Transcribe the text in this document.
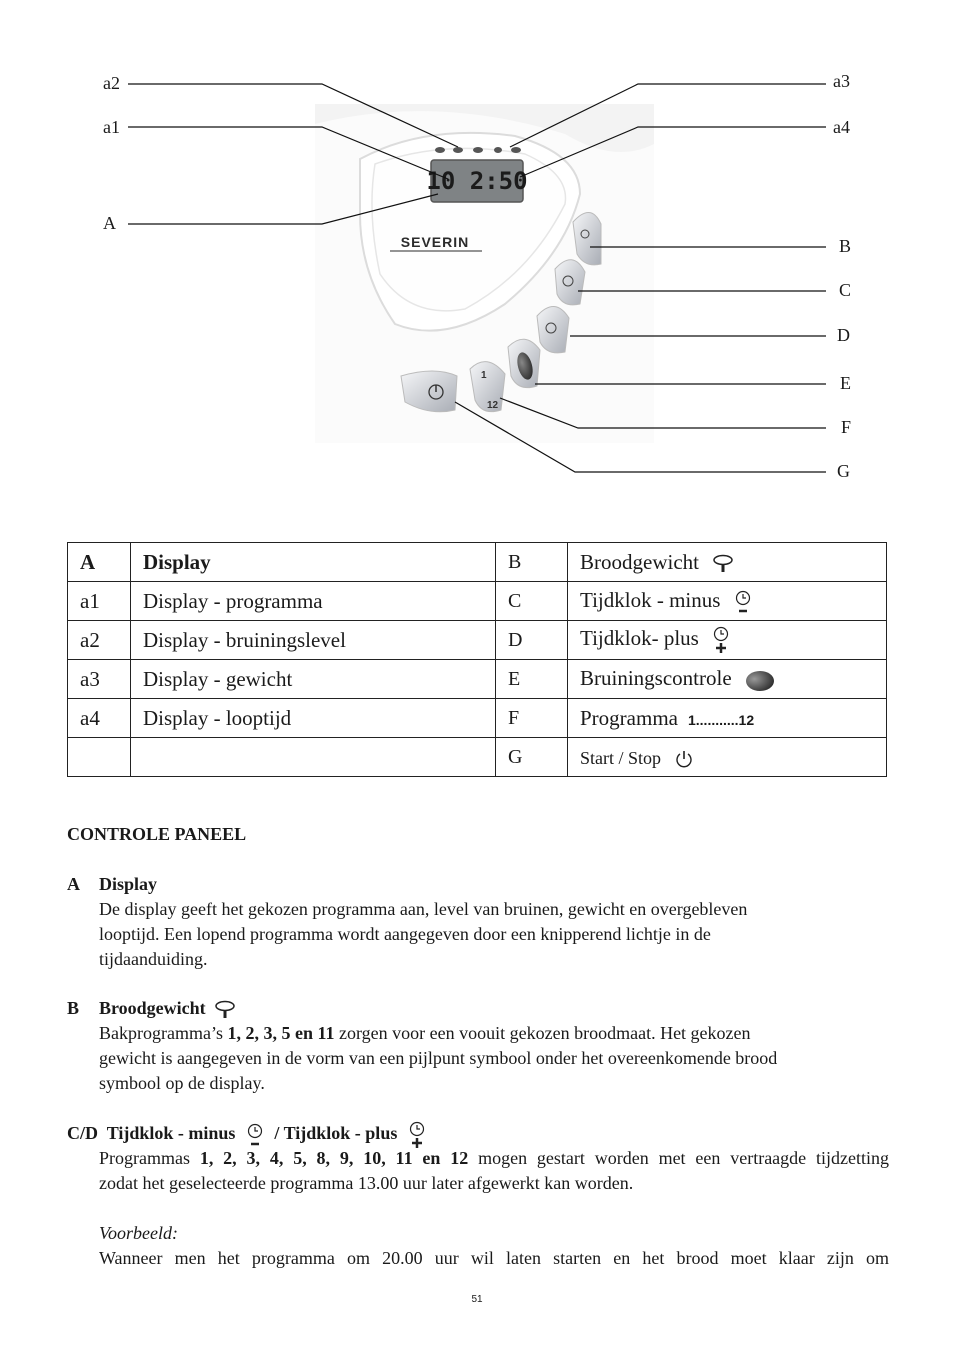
10 2:50
SEVERIN
1
12
a2
a1
A
a3
a4
B
C
D
E
F
G
A	Display	B	Broodgewicht
a1	Display - programma	C	Tijdklok - minus
a2	Display - bruiningslevel	D	Tijdklok- plus
a3	Display - gewicht	E	Bruiningscontrole
a4	Display - looptijd	F	Programma 1...........12
		G	Start / Stop
CONTROLE PANEEL
A Display
De display geeft het gekozen programma aan, level van bruinen, gewicht en overgebleven
looptijd. Een lopend programma wordt aangegeven door een knipperend lichtje in de
tijdaanduiding.
B Broodgewicht
Bakprogramma’s 1, 2, 3, 5 en 11 zorgen voor een voouit gekozen broodmaat. Het gekozen
gewicht is aangegeven in de vorm van een pijlpunt symbool onder het overeenkomende brood
symbool op de display.
C/D Tijdklok - minus / Tijdklok - plus
Programmas 1, 2, 3, 4, 5, 8, 9, 10, 11 en 12 mogen gestart worden met een vertraagde tijdzetting
zodat het geselecteerde programma 13.00 uur later afgewerkt kan worden.
Voorbeeld:
Wanneer men het programma om 20.00 uur wil laten starten en het brood moet klaar zijn om
51
